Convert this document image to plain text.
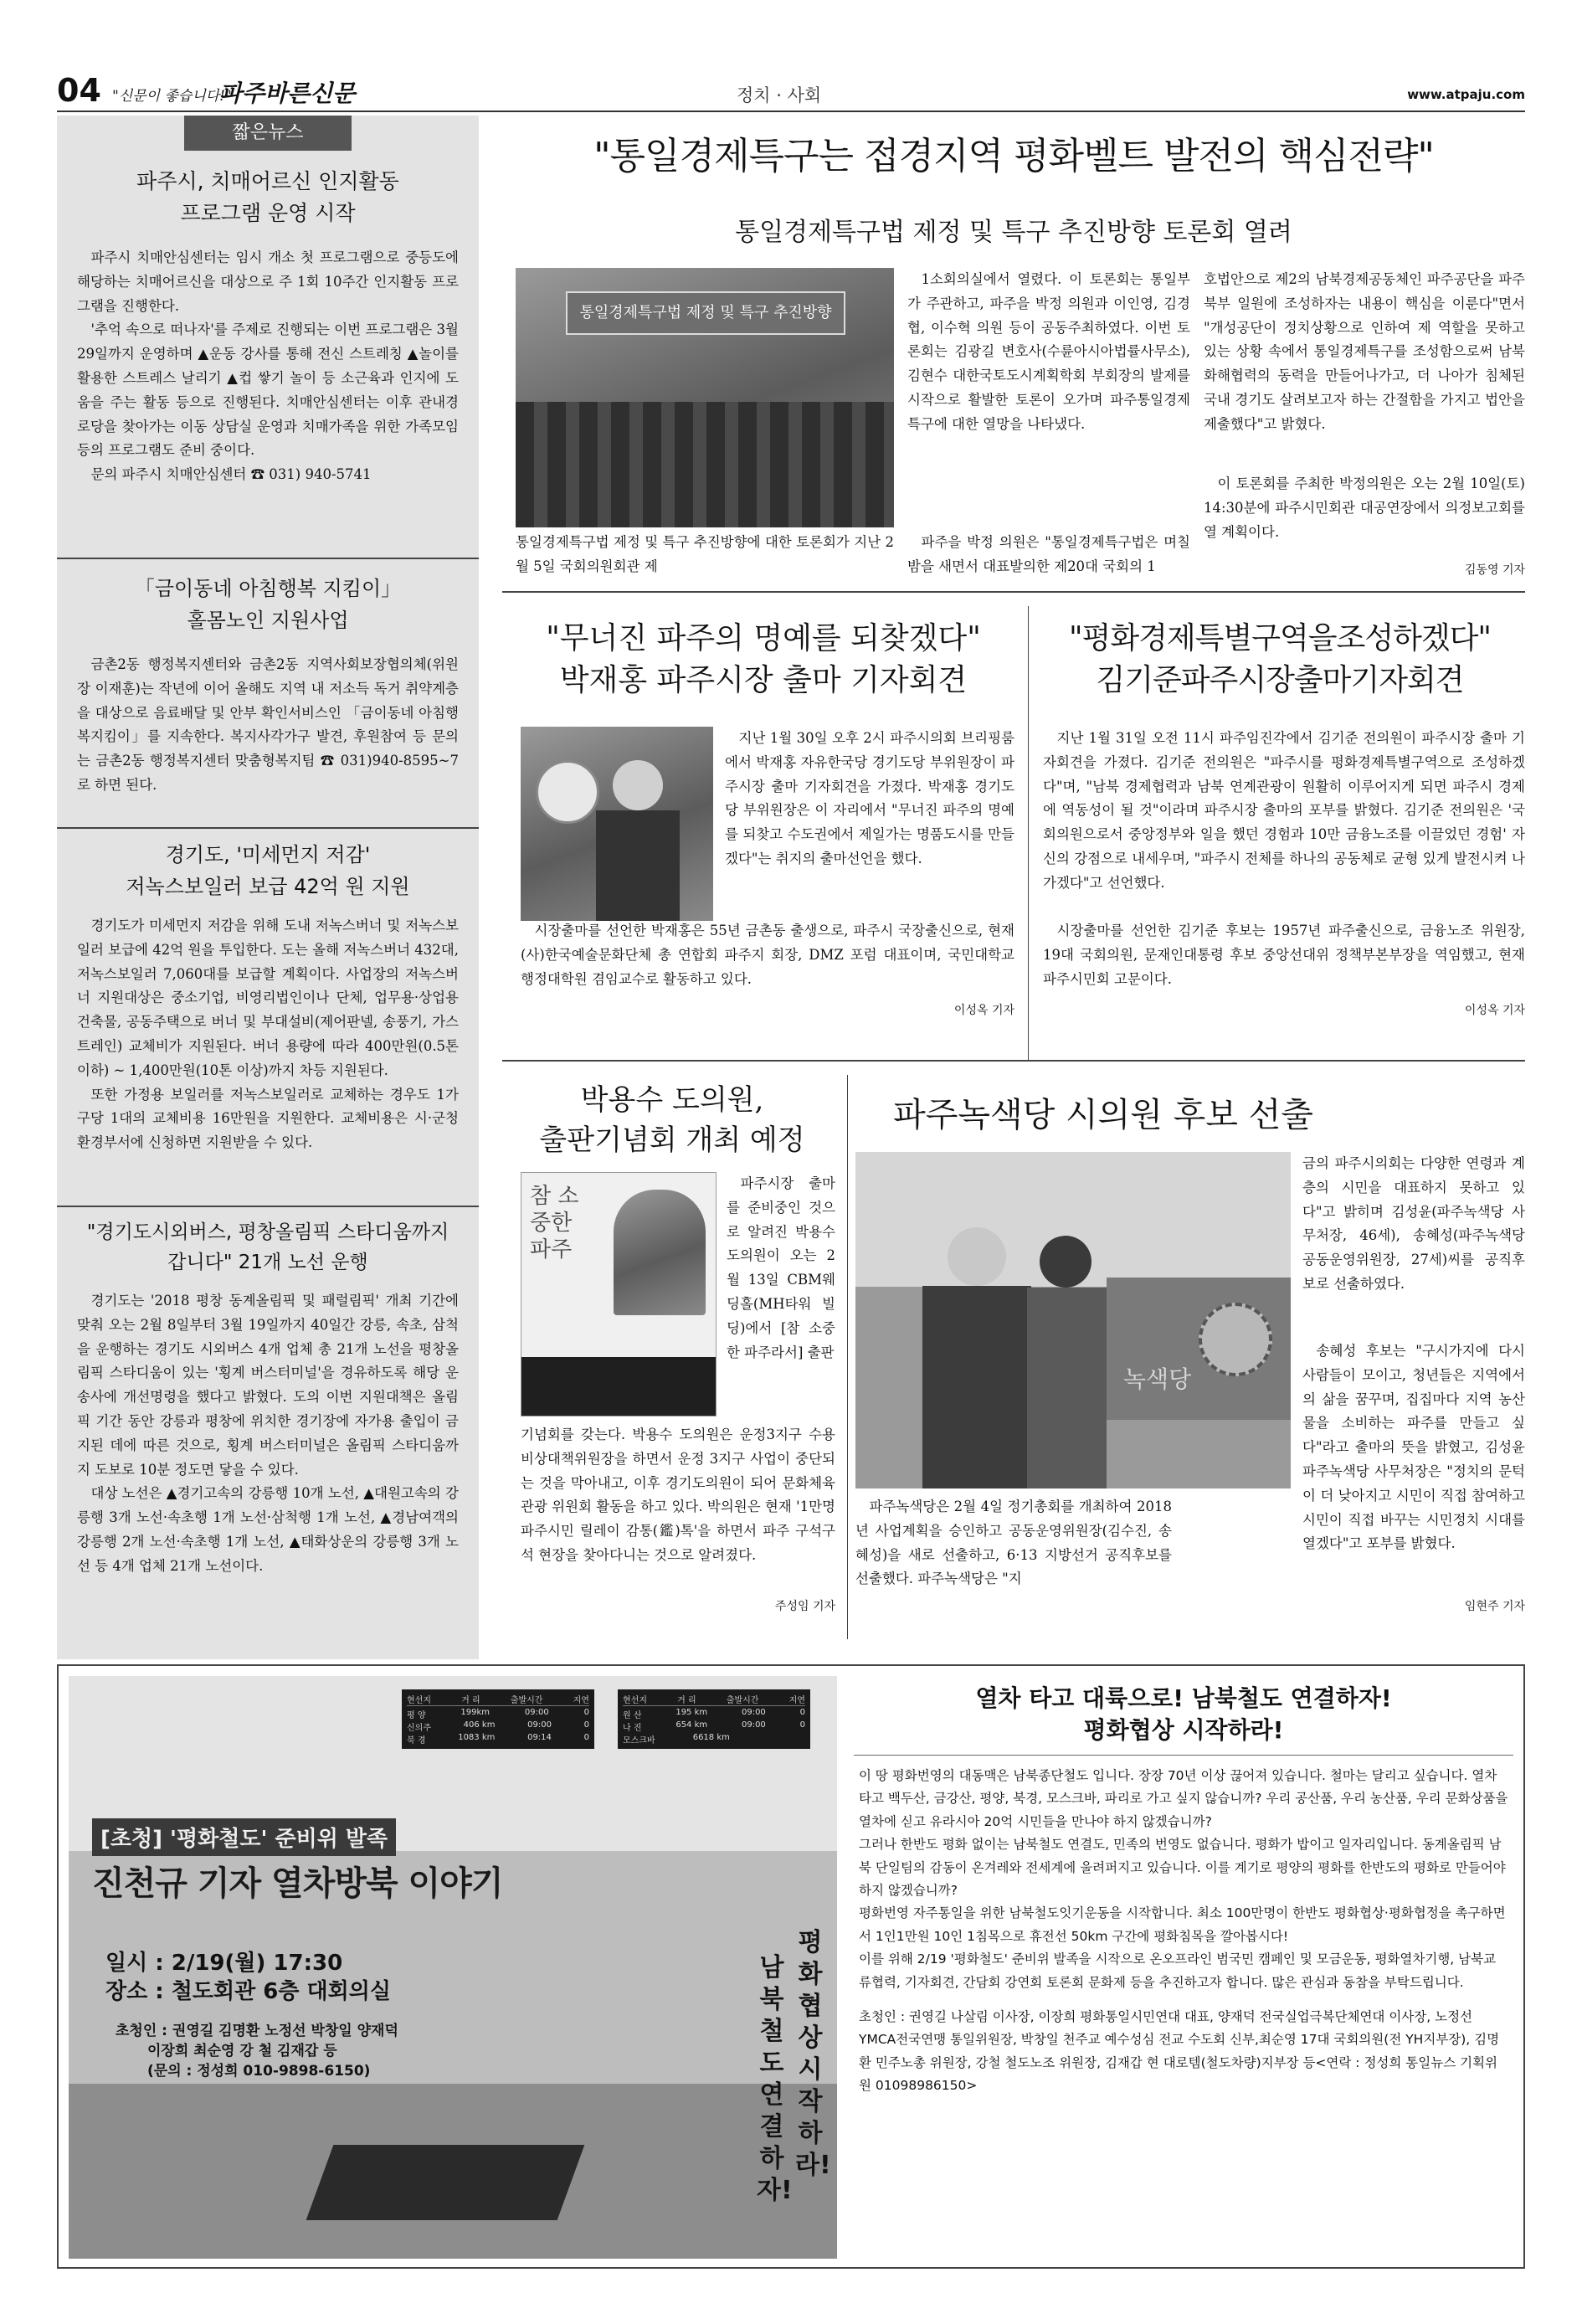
04 "신문이 좋습니다!"
파주바른신문	정치 · 사회	www.atpaju.com
짧은뉴스
파주시, 치매어르신 인지활동
프로그램 운영 시작

파주시 치매안심센터는 임시 개소 첫 프로그램으로 중등도에 해당하는 치매어르신을 대상으로 주 1회 10주간 인지활동 프로그램을 진행한다.

'추억 속으로 떠나자'를 주제로 진행되는 이번 프로그램은 3월 29일까지 운영하며 ▲운동 강사를 통해 전신 스트레칭 ▲놀이를 활용한 스트레스 날리기 ▲컵 쌓기 놀이 등 소근육과 인지에 도움을 주는 활동 등으로 진행된다. 치매안심센터는 이후 관내경로당을 찾아가는 이동 상담실 운영과 치매가족을 위한 가족모임 등의 프로그램도 준비 중이다.

문의 파주시 치매안심센터 ☎ 031) 940-5741

「금이동네 아침행복 지킴이」
홀몸노인 지원사업

금촌2동 행정복지센터와 금촌2동 지역사회보장협의체(위원장 이재훈)는 작년에 이어 올해도 지역 내 저소득 독거 취약계층을 대상으로 음료배달 및 안부 확인서비스인 「금이동네 아침행복지킴이」를 지속한다. 복지사각가구 발견, 후원참여 등 문의는 금촌2동 행정복지센터 맞춤형복지팀 ☎ 031)940-8595~7로 하면 된다.

경기도, '미세먼지 저감'
저녹스보일러 보급 42억 원 지원

경기도가 미세먼지 저감을 위해 도내 저녹스버너 및 저녹스보일러 보급에 42억 원을 투입한다. 도는 올해 저녹스버너 432대, 저녹스보일러 7,060대를 보급할 계획이다. 사업장의 저녹스버너 지원대상은 중소기업, 비영리법인이나 단체, 업무용·상업용 건축물, 공동주택으로 버너 및 부대설비(제어판넬, 송풍기, 가스트레인) 교체비가 지원된다. 버너 용량에 따라 400만원(0.5톤 이하) ~ 1,400만원(10톤 이상)까지 차등 지원된다.

또한 가정용 보일러를 저녹스보일러로 교체하는 경우도 1가구당 1대의 교체비용 16만원을 지원한다. 교체비용은 시·군청 환경부서에 신청하면 지원받을 수 있다.

"경기도시외버스, 평창올림픽 스타디움까지
갑니다" 21개 노선 운행

경기도는 '2018 평창 동계올림픽 및 패럴림픽' 개최 기간에 맞춰 오는 2월 8일부터 3월 19일까지 40일간 강릉, 속초, 삼척을 운행하는 경기도 시외버스 4개 업체 총 21개 노선을 평창올림픽 스타디움이 있는 '횡계 버스터미널'을 경유하도록 해당 운송사에 개선명령을 했다고 밝혔다. 도의 이번 지원대책은 올림픽 기간 동안 강릉과 평창에 위치한 경기장에 자가용 출입이 금지된 데에 따른 것으로, 횡계 버스터미널은 올림픽 스타디움까지 도보로 10분 정도면 닿을 수 있다.

대상 노선은 ▲경기고속의 강릉행 10개 노선, ▲대원고속의 강릉행 3개 노선·속초행 1개 노선·삼척행 1개 노선, ▲경남여객의 강릉행 2개 노선·속초행 1개 노선, ▲태화상운의 강릉행 3개 노선 등 4개 업체 21개 노선이다.

"통일경제특구는 접경지역 평화벨트 발전의 핵심전략"
통일경제특구법 제정 및 특구 추진방향 토론회 열려
통일경제특구법 제정 및 특구 추진방향
통일경제특구법 제정 및 특구 추진방향에 대한 토론회가 지난 2월 5일 국회의원회관 제
1소회의실에서 열렸다. 이 토론회는 통일부가 주관하고, 파주을 박정 의원과 이인영, 김경협, 이수혁 의원 등이 공동주최하였다. 이번 토론회는 김광길 변호사(수륜아시아법률사무소), 김현수 대한국토도시계획학회 부회장의 발제를 시작으로 활발한 토론이 오가며 파주통일경제특구에 대한 열망을 나타냈다.
파주을 박정 의원은 "통일경제특구법은 며칠 밤을 새면서 대표발의한 제20대 국회의 1
호법안으로 제2의 남북경제공동체인 파주공단을 파주 북부 일원에 조성하자는 내용이 핵심을 이룬다"면서 "개성공단이 정치상황으로 인하여 제 역할을 못하고 있는 상황 속에서 통일경제특구를 조성함으로써 남북화해협력의 동력을 만들어나가고, 더 나아가 침체된 국내 경기도 살려보고자 하는 간절함을 가지고 법안을 제출했다"고 밝혔다.
이 토론회를 주최한 박정의원은 오는 2월 10일(토) 14:30분에 파주시민회관 대공연장에서 의정보고회를 열 계획이다.
김동영 기자
"무너진 파주의 명예를 되찾겠다"
박재홍 파주시장 출마 기자회견
지난 1월 30일 오후 2시 파주시의회 브리핑룸에서 박재홍 자유한국당 경기도당 부위원장이 파주시장 출마 기자회견을 가졌다. 박재홍 경기도당 부위원장은 이 자리에서 "무너진 파주의 명예를 되찾고 수도권에서 제일가는 명품도시를 만들겠다"는 취지의 출마선언을 했다.
시장출마를 선언한 박재홍은 55년 금촌동 출생으로, 파주시 국장출신으로, 현재 (사)한국예술문화단체 총 연합회 파주지 회장, DMZ 포럼 대표이며, 국민대학교 행정대학원 겸임교수로 활동하고 있다.
이성옥 기자
"평화경제특별구역을조성하겠다"
김기준파주시장출마기자회견
지난 1월 31일 오전 11시 파주임진각에서 김기준 전의원이 파주시장 출마 기자회견을 가졌다. 김기준 전의원은 "파주시를 평화경제특별구역으로 조성하겠다"며, "남북 경제협력과 남북 연계관광이 원활히 이루어지게 되면 파주시 경제에 역동성이 될 것"이라며 파주시장 출마의 포부를 밝혔다. 김기준 전의원은 '국회의원으로서 중앙정부와 일을 했던 경험과 10만 금융노조를 이끌었던 경험' 자신의 강점으로 내세우며, "파주시 전체를 하나의 공동체로 균형 있게 발전시켜 나가겠다"고 선언했다.
시장출마를 선언한 김기준 후보는 1957년 파주출신으로, 금융노조 위원장, 19대 국회의원, 문재인대통령 후보 중앙선대위 정책부본부장을 역임했고, 현재 파주시민회 고문이다.
이성옥 기자
박용수 도의원,
출판기념회 개최 예정
참 소중한 파주
파주시장 출마를 준비중인 것으로 알려진 박용수 도의원이 오는 2월 13일 CBM웨딩홀(MH타워 빌딩)에서 [참 소중한 파주라서] 출판
기념회를 갖는다. 박용수 도의원은 운정3지구 수용비상대책위원장을 하면서 운정 3지구 사업이 중단되는 것을 막아내고, 이후 경기도의원이 되어 문화체육관광 위원회 활동을 하고 있다. 박의원은 현재 '1만명 파주시민 릴레이 감통(鑑)톡'을 하면서 파주 구석구석 현장을 찾아다니는 것으로 알려졌다.
주성임 기자
파주녹색당 시의원 후보 선출
녹색당
금의 파주시의회는 다양한 연령과 계층의 시민을 대표하지 못하고 있다"고 밝히며 김성윤(파주녹색당 사무처장, 46세), 송혜성(파주녹색당 공동운영위원장, 27세)씨를 공직후보로 선출하였다.
송혜성 후보는 "구시가지에 다시 사람들이 모이고, 청년들은 지역에서의 삶을 꿈꾸며, 집집마다 지역 농산물을 소비하는 파주를 만들고 싶다"라고 출마의 뜻을 밝혔고, 김성윤 파주녹색당 사무처장은 "정치의 문턱이 더 낮아지고 시민이 직접 참여하고 시민이 직접 바꾸는 시민정치 시대를 열겠다"고 포부를 밝혔다.
파주녹색당은 2월 4일 정기총회를 개최하여 2018년 사업계획을 승인하고 공동운영위원장(김수진, 송혜성)을 새로 선출하고, 6·13 지방선거 공직후보를 선출했다. 파주녹색당은 "지
임현주 기자
현선지	거 리	출발시간	지연
평 양	199km	09:00	0
신의주	406 km	09:00	0
북 경	1083 km	09:14	0
현선지	거 리	출발시간	지연
원 산	195 km	09:00	0
나 진	654 km	09:00	0
모스크바	6618 km
[초청] '평화철도' 준비위 발족
진천규 기자 열차방북 이야기
일시 : 2/19(월) 17:30
장소 : 철도회관 6층 대회의실
초청인 : 권영길 김명환 노정선 박창일 양재덕
이장희 최순영 강 철 김재갑 등
(문의 : 정성희 010-9898-6150)
평화협상 시작하라!
남북철도 연결하자!
열차 타고 대륙으로! 남북철도 연결하자!
평화협상 시작하라!

이 땅 평화번영의 대동맥은 남북종단철도 입니다. 장장 70년 이상 끊어져 있습니다. 철마는 달리고 싶습니다. 열차 타고 백두산, 금강산, 평양, 북경, 모스크바, 파리로 가고 싶지 않습니까? 우리 공산품, 우리 농산품, 우리 문화상품을 열차에 싣고 유라시아 20억 시민들을 만나야 하지 않겠습니까?

그러나 한반도 평화 없이는 남북철도 연결도, 민족의 번영도 없습니다. 평화가 밥이고 일자리입니다. 동계올림픽 남북 단일팀의 감동이 온겨레와 전세계에 울려퍼지고 있습니다. 이를 계기로 평양의 평화를 한반도의 평화로 만들어야 하지 않겠습니까?

평화번영 자주통일을 위한 남북철도잇기운동을 시작합니다. 최소 100만명이 한반도 평화협상·평화협정을 촉구하면서 1인1만원 10인 1침목으로 휴전선 50km 구간에 평화침목을 깔아봅시다!

이를 위해 2/19 '평화철도' 준비위 발족을 시작으로 온오프라인 범국민 캠페인 및 모금운동, 평화열차기행, 남북교류협력, 기자회견, 간담회 강연회 토론회 문화제 등을 추진하고자 합니다. 많은 관심과 동참을 부탁드립니다.

초청인 : 권영길 나살림 이사장, 이장희 평화통일시민연대 대표, 양재덕 전국실업극복단체연대 이사장, 노정선 YMCA전국연맹 통일위원장, 박창일 천주교 예수성심 전교 수도회 신부,최순영 17대 국회의원(전 YH지부장), 김명환 민주노총 위원장, 강철 철도노조 위원장, 김재갑 현 대로템(철도차량)지부장 등<연락 : 정성희 통일뉴스 기획위원 01098986150>
